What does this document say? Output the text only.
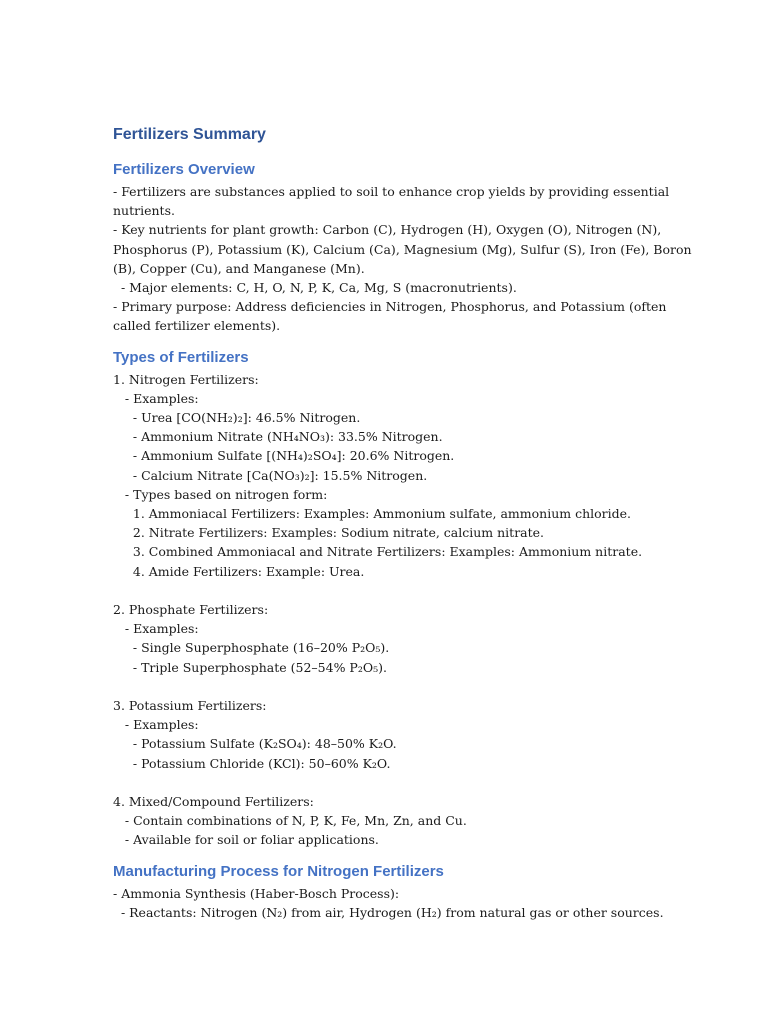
Fertilizers Summary
Fertilizers Overview

- Fertilizers are substances applied to soil to enhance crop yields by providing essential

nutrients.

- Key nutrients for plant growth: Carbon (C), Hydrogen (H), Oxygen (O), Nitrogen (N),

Phosphorus (P), Potassium (K), Calcium (Ca), Magnesium (Mg), Sulfur (S), Iron (Fe), Boron

(B), Copper (Cu), and Manganese (Mn).

- Major elements: C, H, O, N, P, K, Ca, Mg, S (macronutrients).

- Primary purpose: Address deficiencies in Nitrogen, Phosphorus, and Potassium (often

called fertilizer elements).

Types of Fertilizers

1. Nitrogen Fertilizers:

- Examples:

- Urea [CO(NH₂)₂]: 46.5% Nitrogen.

- Ammonium Nitrate (NH₄NO₃): 33.5% Nitrogen.

- Ammonium Sulfate [(NH₄)₂SO₄]: 20.6% Nitrogen.

- Calcium Nitrate [Ca(NO₃)₂]: 15.5% Nitrogen.

- Types based on nitrogen form:

1. Ammoniacal Fertilizers: Examples: Ammonium sulfate, ammonium chloride.

2. Nitrate Fertilizers: Examples: Sodium nitrate, calcium nitrate.

3. Combined Ammoniacal and Nitrate Fertilizers: Examples: Ammonium nitrate.

4. Amide Fertilizers: Example: Urea.

2. Phosphate Fertilizers:

- Examples:

- Single Superphosphate (16–20% P₂O₅).

- Triple Superphosphate (52–54% P₂O₅).

3. Potassium Fertilizers:

- Examples:

- Potassium Sulfate (K₂SO₄): 48–50% K₂O.

- Potassium Chloride (KCl): 50–60% K₂O.

4. Mixed/Compound Fertilizers:

- Contain combinations of N, P, K, Fe, Mn, Zn, and Cu.

- Available for soil or foliar applications.

Manufacturing Process for Nitrogen Fertilizers

- Ammonia Synthesis (Haber-Bosch Process):

- Reactants: Nitrogen (N₂) from air, Hydrogen (H₂) from natural gas or other sources.
